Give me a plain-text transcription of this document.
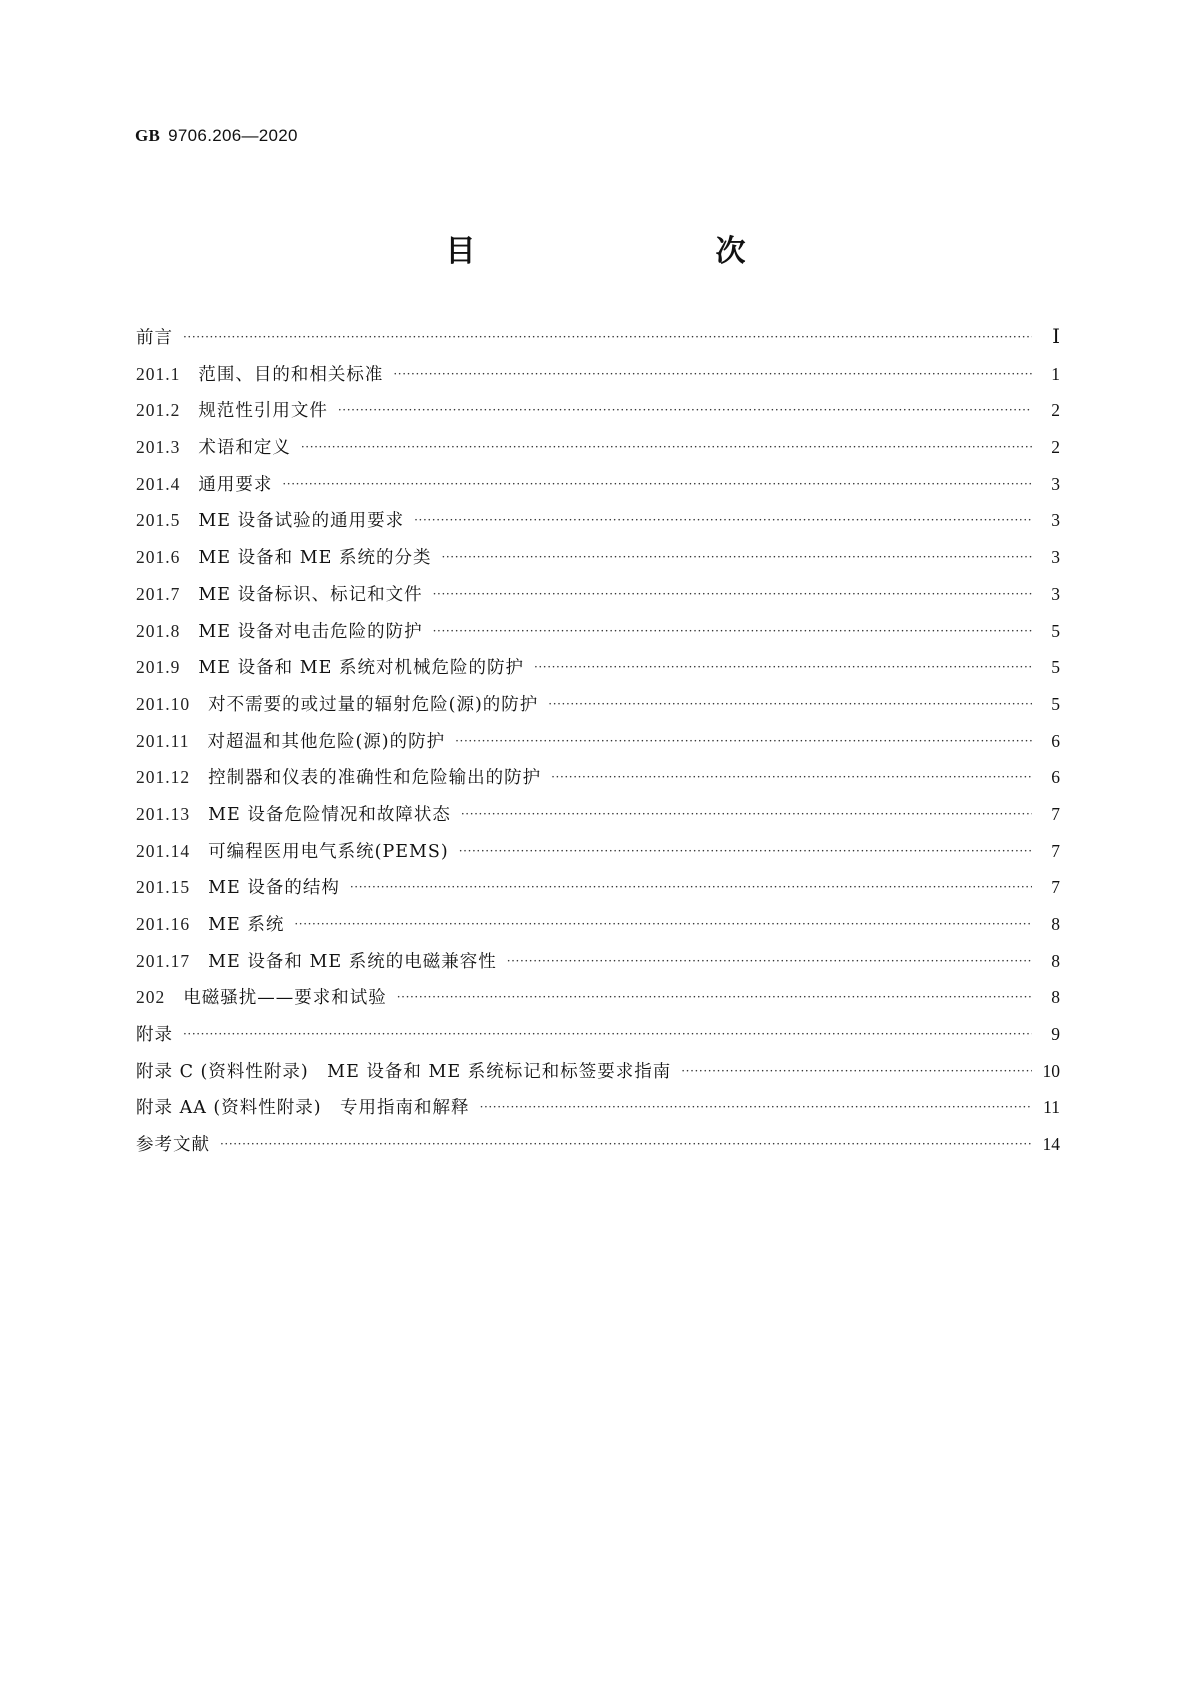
GB 9706.206—2020
目　　次
前言 ·····	Ⅰ
201.1 范围、目的和相关标准 ·····	1
201.2 规范性引用文件 ·····	2
201.3 术语和定义 ·····	2
201.4 通用要求 ·····	3
201.5 ME 设备试验的通用要求 ·····	3
201.6 ME 设备和 ME 系统的分类 ·····	3
201.7 ME 设备标识、标记和文件 ·····	3
201.8 ME 设备对电击危险的防护 ·····	5
201.9 ME 设备和 ME 系统对机械危险的防护 ·····	5
201.10 对不需要的或过量的辐射危险(源)的防护 ·····	5
201.11 对超温和其他危险(源)的防护 ·····	6
201.12 控制器和仪表的准确性和危险输出的防护 ·····	6
201.13 ME 设备危险情况和故障状态 ·····	7
201.14 可编程医用电气系统(PEMS) ·····	7
201.15 ME 设备的结构 ·····	7
201.16 ME 系统 ·····	8
201.17 ME 设备和 ME 系统的电磁兼容性 ·····	8
202 电磁骚扰——要求和试验 ·····	8
附录 ·····	9
附录 C (资料性附录)　ME 设备和 ME 系统标记和标签要求指南 ·····	10
附录 AA (资料性附录)　专用指南和解释 ·····	11
参考文献 ·····	14
